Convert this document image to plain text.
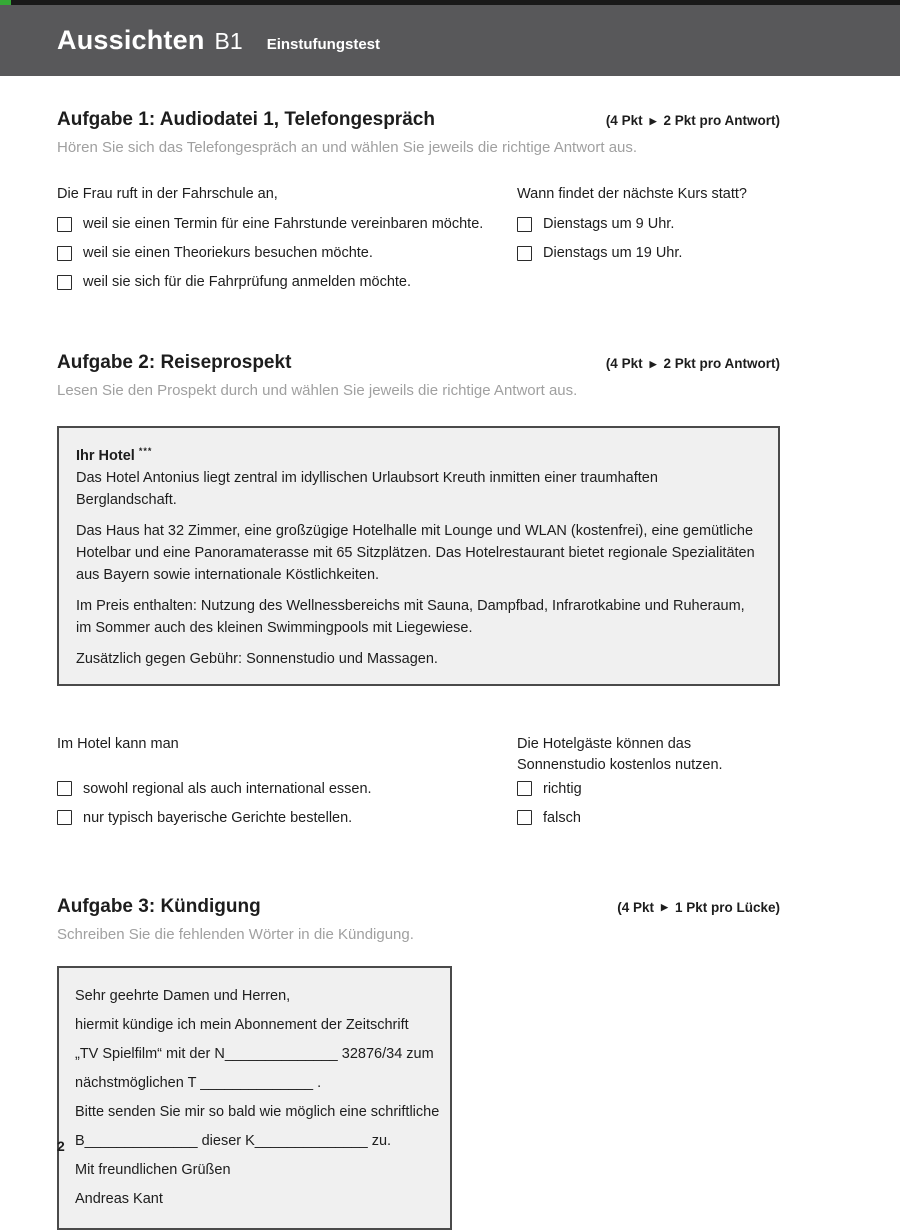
Aussichten B1 Einstufungstest
Aufgabe 1: Audiodatei 1, Telefongespräch	(4 Pkt ▶ 2 Pkt pro Antwort)

Hören Sie sich das Telefongespräch an und wählen Sie jeweils die richtige Antwort aus.

Die Frau ruft in der Fahrschule an,

weil sie einen Termin für eine Fahrstunde vereinbaren möchte.
weil sie einen Theoriekurs besuchen möchte.
weil sie sich für die Fahrprüfung anmelden möchte.

Wann findet der nächste Kurs statt?

Dienstags um 9 Uhr.
Dienstags um 19 Uhr.
Aufgabe 2: Reiseprospekt	(4 Pkt ▶ 2 Pkt pro Antwort)

Lesen Sie den Prospekt durch und wählen Sie jeweils die richtige Antwort aus.

Ihr Hotel ***
Das Hotel Antonius liegt zentral im idyllischen Urlaubsort Kreuth inmitten einer traumhaften Berglandschaft.

Das Haus hat 32 Zimmer, eine großzügige Hotelhalle mit Lounge und WLAN (kostenfrei), eine gemütliche Hotelbar und eine Panoramaterasse mit 65 Sitzplätzen. Das Hotelrestaurant bietet regionale Spezialitäten aus Bayern sowie internationale Köstlichkeiten.

Im Preis enthalten: Nutzung des Wellnessbereichs mit Sauna, Dampfbad, Infrarotkabine und Ruheraum, im Sommer auch des kleinen Swimmingpools mit Liegewiese.

Zusätzlich gegen Gebühr: Sonnenstudio und Massagen.

Im Hotel kann man

sowohl regional als auch international essen.
nur typisch bayerische Gerichte bestellen.

Die Hotelgäste können das Sonnenstudio kostenlos nutzen.

richtig
falsch
Aufgabe 3: Kündigung	(4 Pkt ▶ 1 Pkt pro Lücke)

Schreiben Sie die fehlenden Wörter in die Kündigung.

Sehr geehrte Damen und Herren,
hiermit kündige ich mein Abonnement der Zeitschrift
„TV Spielfilm“ mit der N______________ 32876/34 zum
nächstmöglichen T ______________ .
Bitte senden Sie mir so bald wie möglich eine schriftliche
B______________ dieser K______________ zu.
Mit freundlichen Grüßen
Andreas Kant
2
